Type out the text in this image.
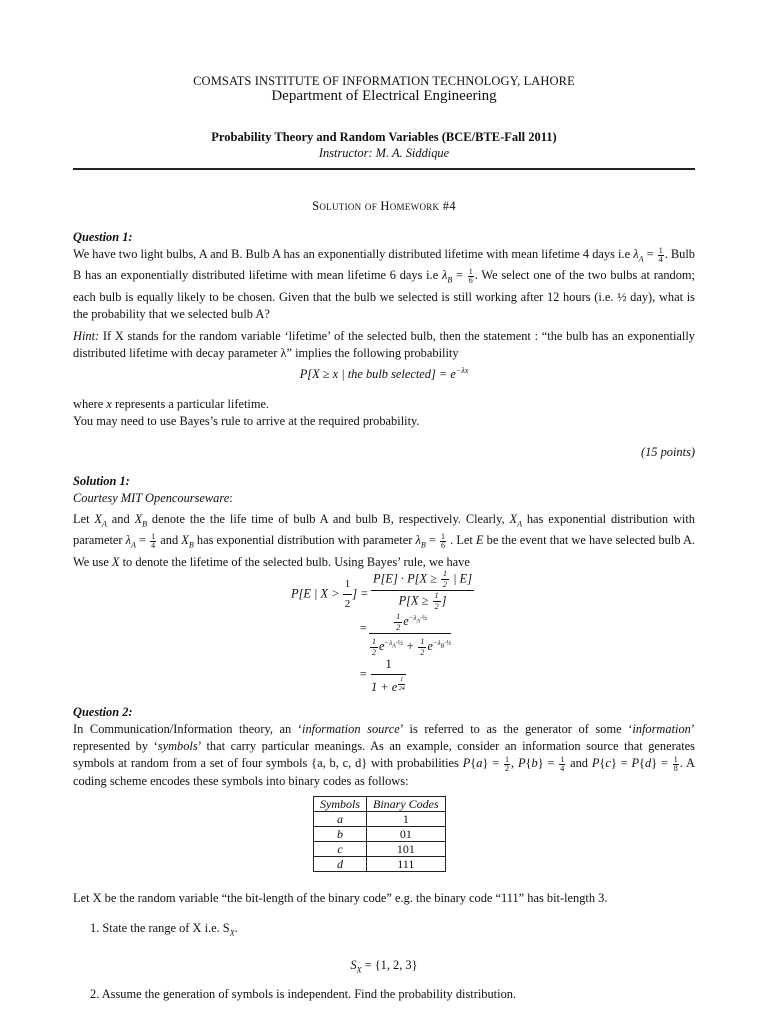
COMSATS INSTITUTE OF INFORMATION TECHNOLOGY, LAHORE
Department of Electrical Engineering
Probability Theory and Random Variables (BCE/BTE-Fall 2011)
Instructor: M. A. Siddique
Solution of Homework #4
Question 1:

We have two light bulbs, A and B. Bulb A has an exponentially distributed lifetime with mean lifetime 4 days i.e $\lambda_A = \frac{1}{4}$ . Bulb B has an exponentially distributed lifetime with mean lifetime 6 days i.e $\lambda_B = \frac{1}{6}$ . We select one of the two bulbs at random; each bulb is equally likely to be chosen. Given that the bulb we selected is still working after 12 hours (i.e. ½ day), what is the probability that we selected bulb A?

Hint: If X stands for the random variable ‘lifetime’ of the selected bulb, then the statement : “the bulb has an exponentially distributed lifetime with decay parameter λ” implies the following probability

P[X ≥ x | the bulb selected] = $e^{-\lambda x}$

where x represents a particular lifetime.

You may need to use Bayes’s rule to arrive at the required probability.

(15 points)
Solution 1:
Courtesy MIT Opencourseware:

Let $X_A$ and $X_B$ denote the the life time of bulb A and bulb B, respectively. Clearly, $X_A$ has exponential distribution with parameter $\lambda_A = \frac{1}{4}$ and $X_B$ has exponential distribution with parameter $\lambda_B = \frac{1}{6}$ . Let E be the event that we have selected bulb A. We use X to denote the lifetime of the selected bulb. Using Bayes’ rule, we have

P[E | $X > \frac{1}{2}$ ] = $\frac{P[E] \cdot P[X \ge \frac{1}{2} | E]}{P[X \ge \frac{1}{2} ]}$
= $\frac{\frac{1}{2} e^{-\lambda_A\cdot\frac{1}{2}}}{\frac{1}{2} e^{-\lambda_A\cdot\frac{1}{2}} + \frac{1}{2} e^{-\lambda_B\cdot\frac{1}{2}}}$
= 1
1 + e $^{\frac{1}{24}}$
Question 2:

In Communication/Information theory, an ‘information source’ is referred to as the generator of some ‘information’ represented by ‘symbols’ that carry particular meanings. As an example, consider an information source that generates symbols at random from a set of four symbols {a, b, c, d} with probabilities $P\{a\} = \frac{1}{2}$ , $P\{b\} = \frac{1}{4}$ and $P\{c\} = P\{d\} = \frac{1}{8}$ . A coding scheme encodes these symbols into binary codes as follows:

Symbols	Binary Codes
a	1
b	01
c	101
d	111
Let X be the random variable “the bit-length of the binary code” e.g. the binary code “111” has bit-length 3.
1. State the range of X i.e. $S_X$.
$S_X = \{1$, 2, 3}
2. Assume the generation of symbols is independent. Find the probability distribution.
